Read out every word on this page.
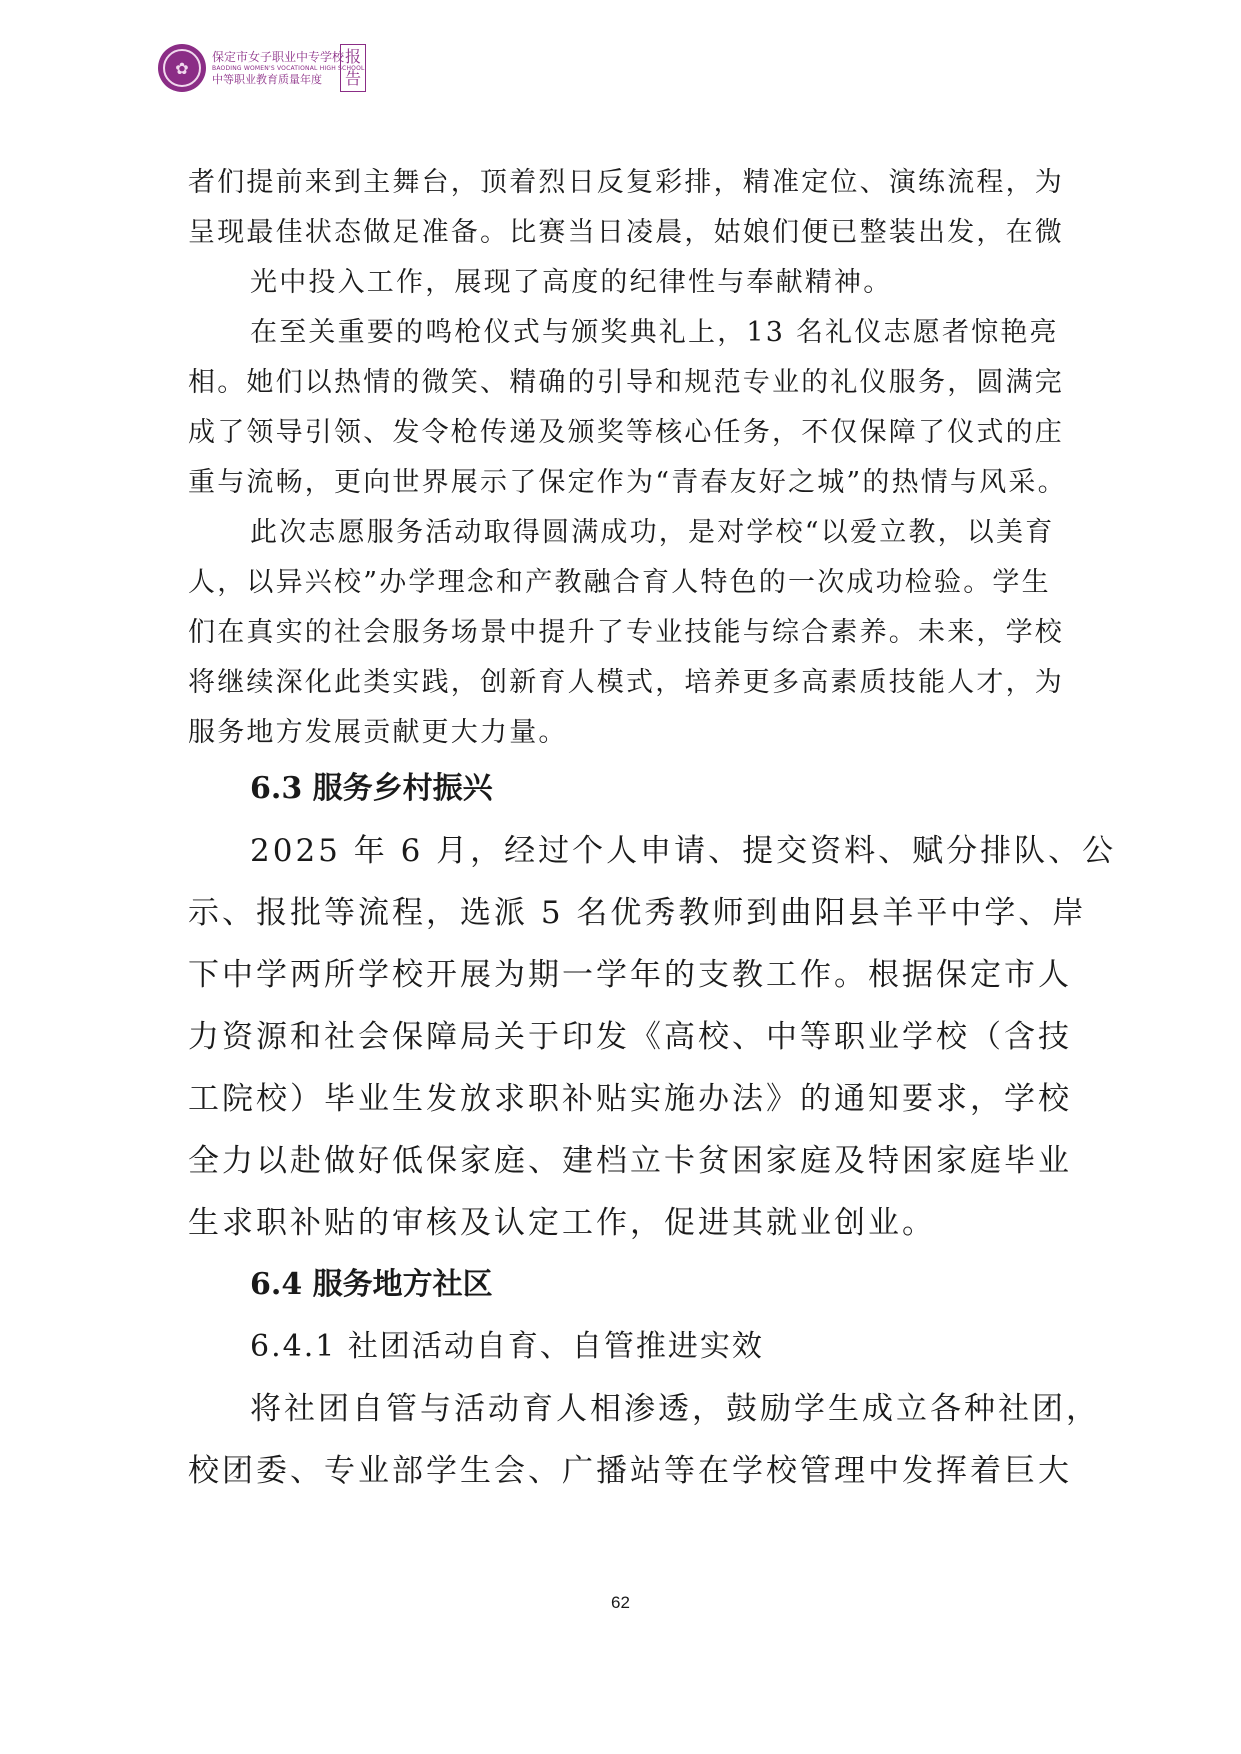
✿
保定市女子职业中专学校
BAODING WOMEN'S VOCATIONAL HIGH SCHOOL
中等职业教育质量年度
报
告

者们提前来到主舞台，顶着烈日反复彩排，精准定位、演练流程，为

呈现最佳状态做足准备。比赛当日凌晨，姑娘们便已整装出发，在微

光中投入工作，展现了高度的纪律性与奉献精神。

在至关重要的鸣枪仪式与颁奖典礼上，13 名礼仪志愿者惊艳亮

相。她们以热情的微笑、精确的引导和规范专业的礼仪服务，圆满完

成了领导引领、发令枪传递及颁奖等核心任务，不仅保障了仪式的庄

重与流畅，更向世界展示了保定作为“青春友好之城”的热情与风采。

此次志愿服务活动取得圆满成功，是对学校“以爱立教，以美育

人，以异兴校”办学理念和产教融合育人特色的一次成功检验。学生

们在真实的社会服务场景中提升了专业技能与综合素养。未来，学校

将继续深化此类实践，创新育人模式，培养更多高素质技能人才，为

服务地方发展贡献更大力量。

6.3 服务乡村振兴

2025 年 6 月，经过个人申请、提交资料、赋分排队、公

示、报批等流程，选派 5 名优秀教师到曲阳县羊平中学、岸

下中学两所学校开展为期一学年的支教工作。根据保定市人

力资源和社会保障局关于印发《高校、中等职业学校（含技

工院校）毕业生发放求职补贴实施办法》的通知要求，学校

全力以赴做好低保家庭、建档立卡贫困家庭及特困家庭毕业

生求职补贴的审核及认定工作，促进其就业创业。

6.4 服务地方社区

6.4.1 社团活动自育、自管推进实效

将社团自管与活动育人相渗透，鼓励学生成立各种社团，

校团委、专业部学生会、广播站等在学校管理中发挥着巨大

62
